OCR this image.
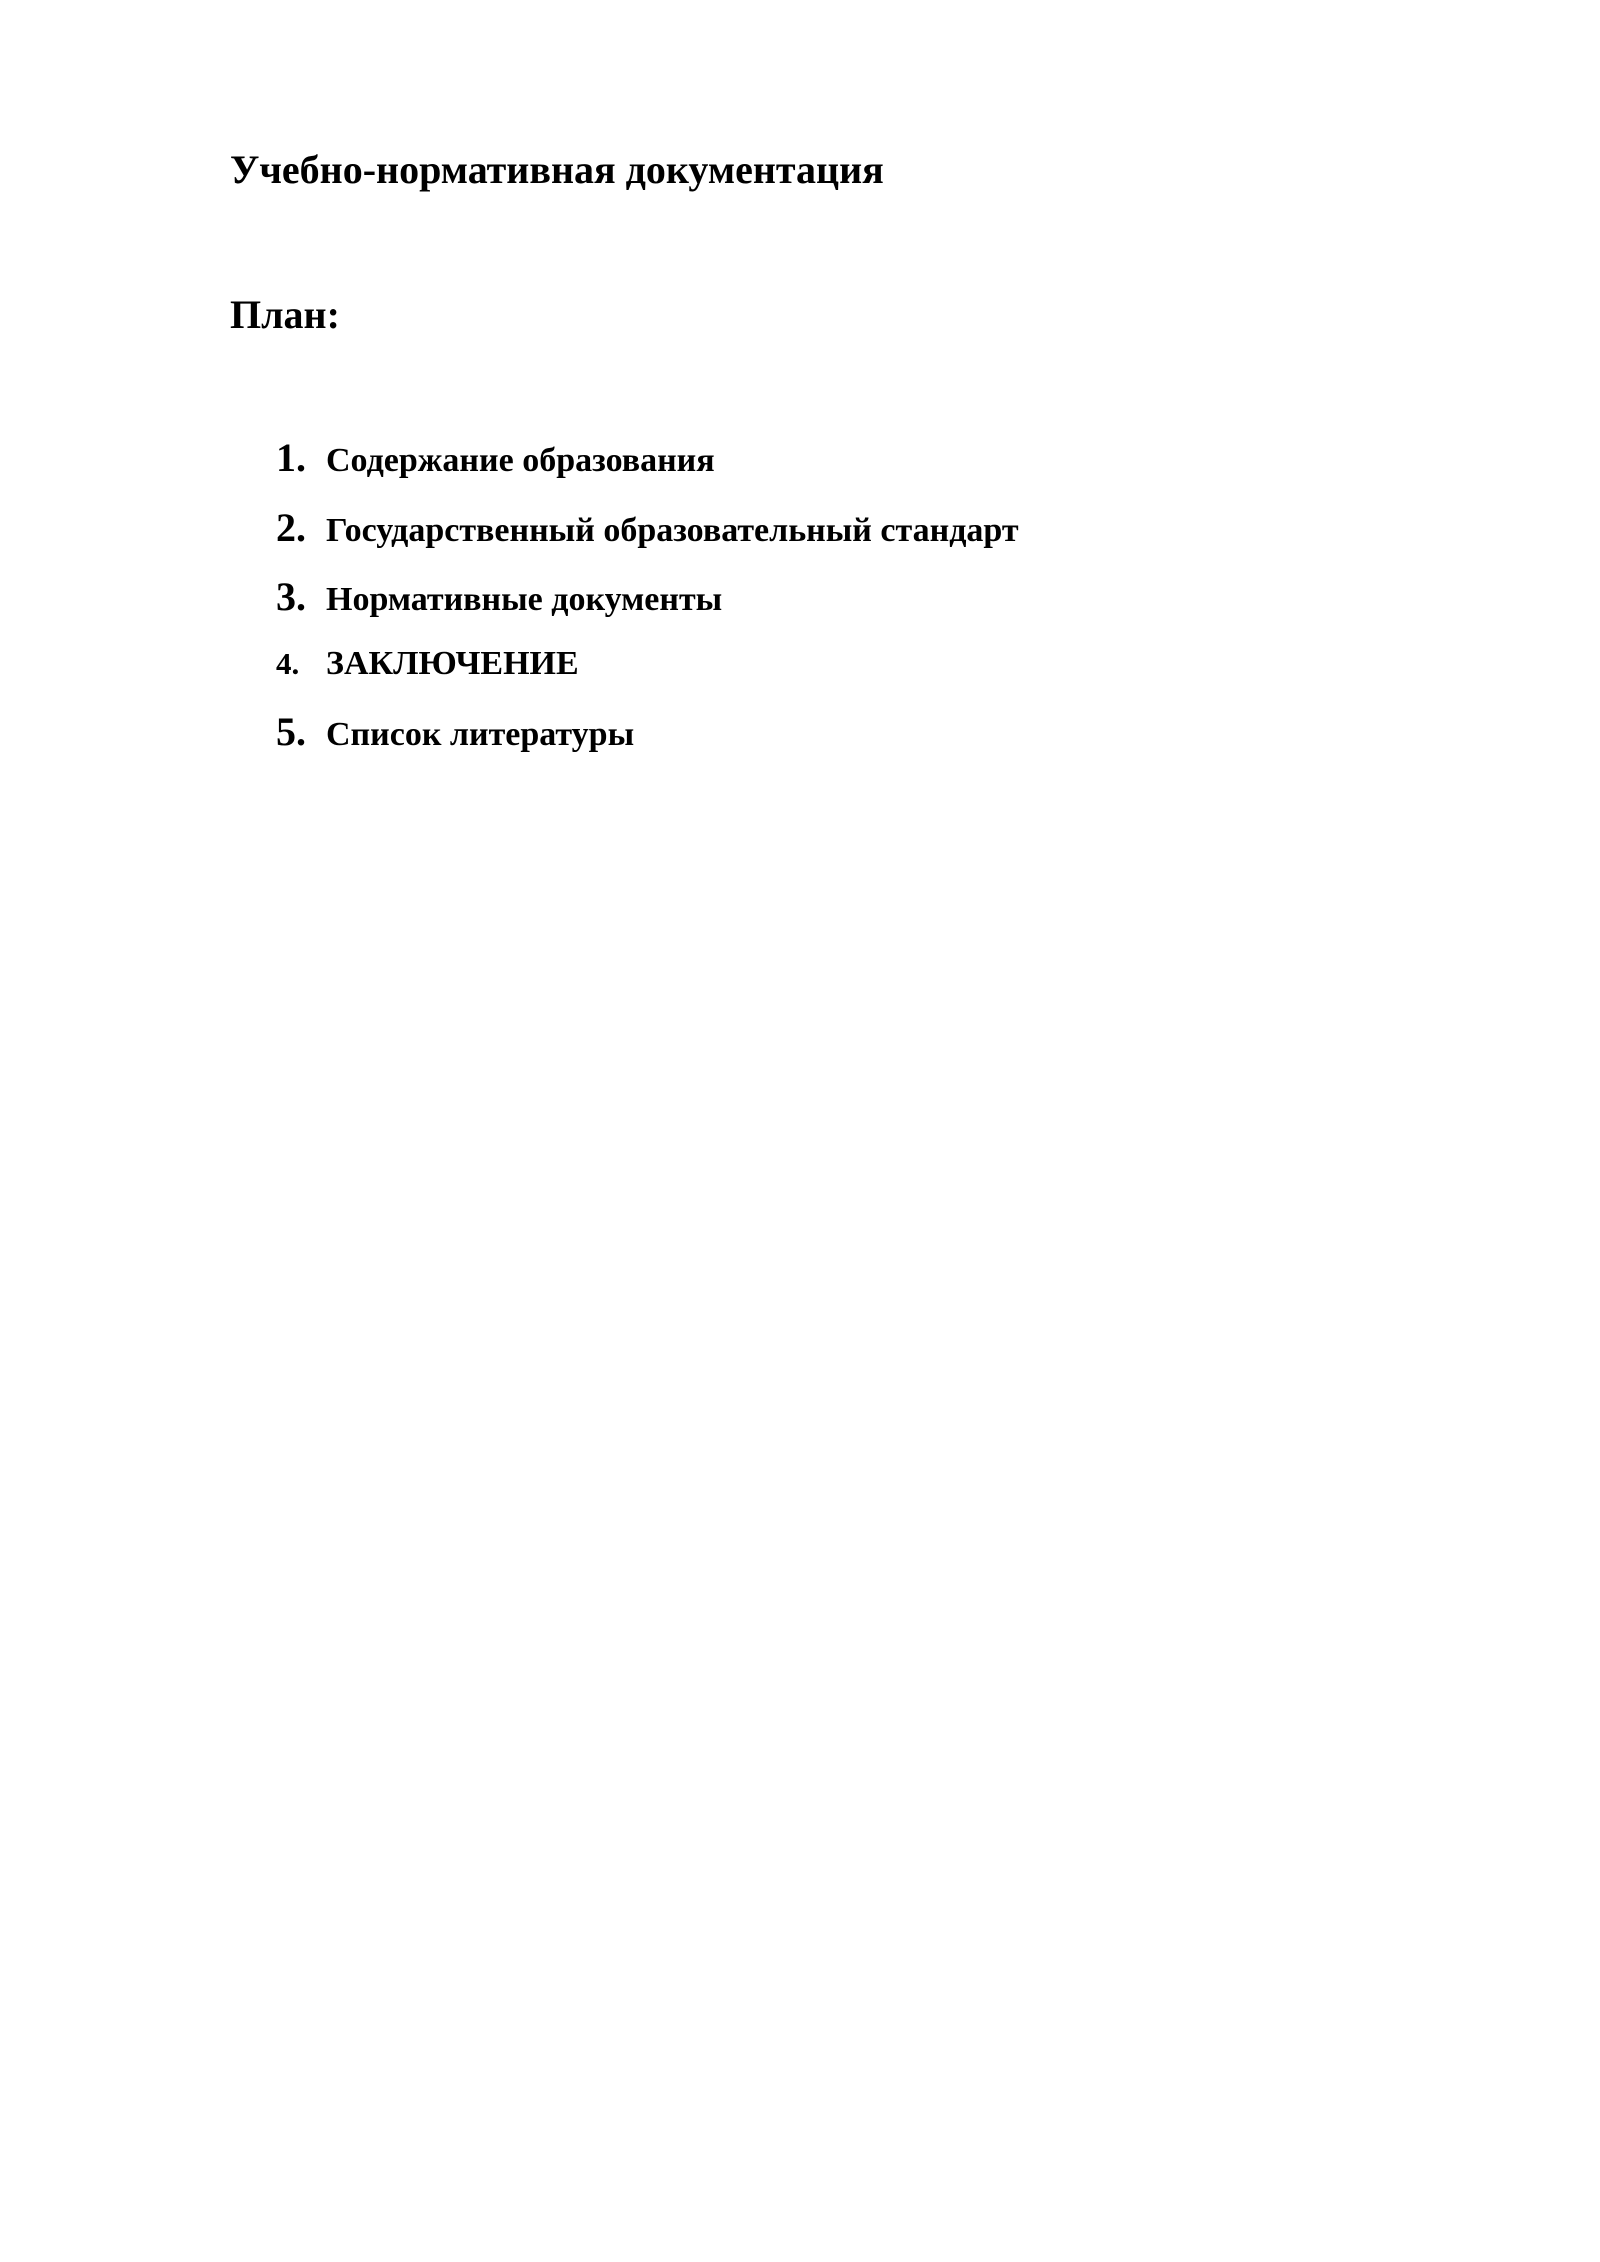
Учебно-нормативная документация
План:
1. Содержание образования
2. Государственный образовательный стандарт
3. Нормативные документы
4. ЗАКЛЮЧЕНИЕ
5. Список литературы
